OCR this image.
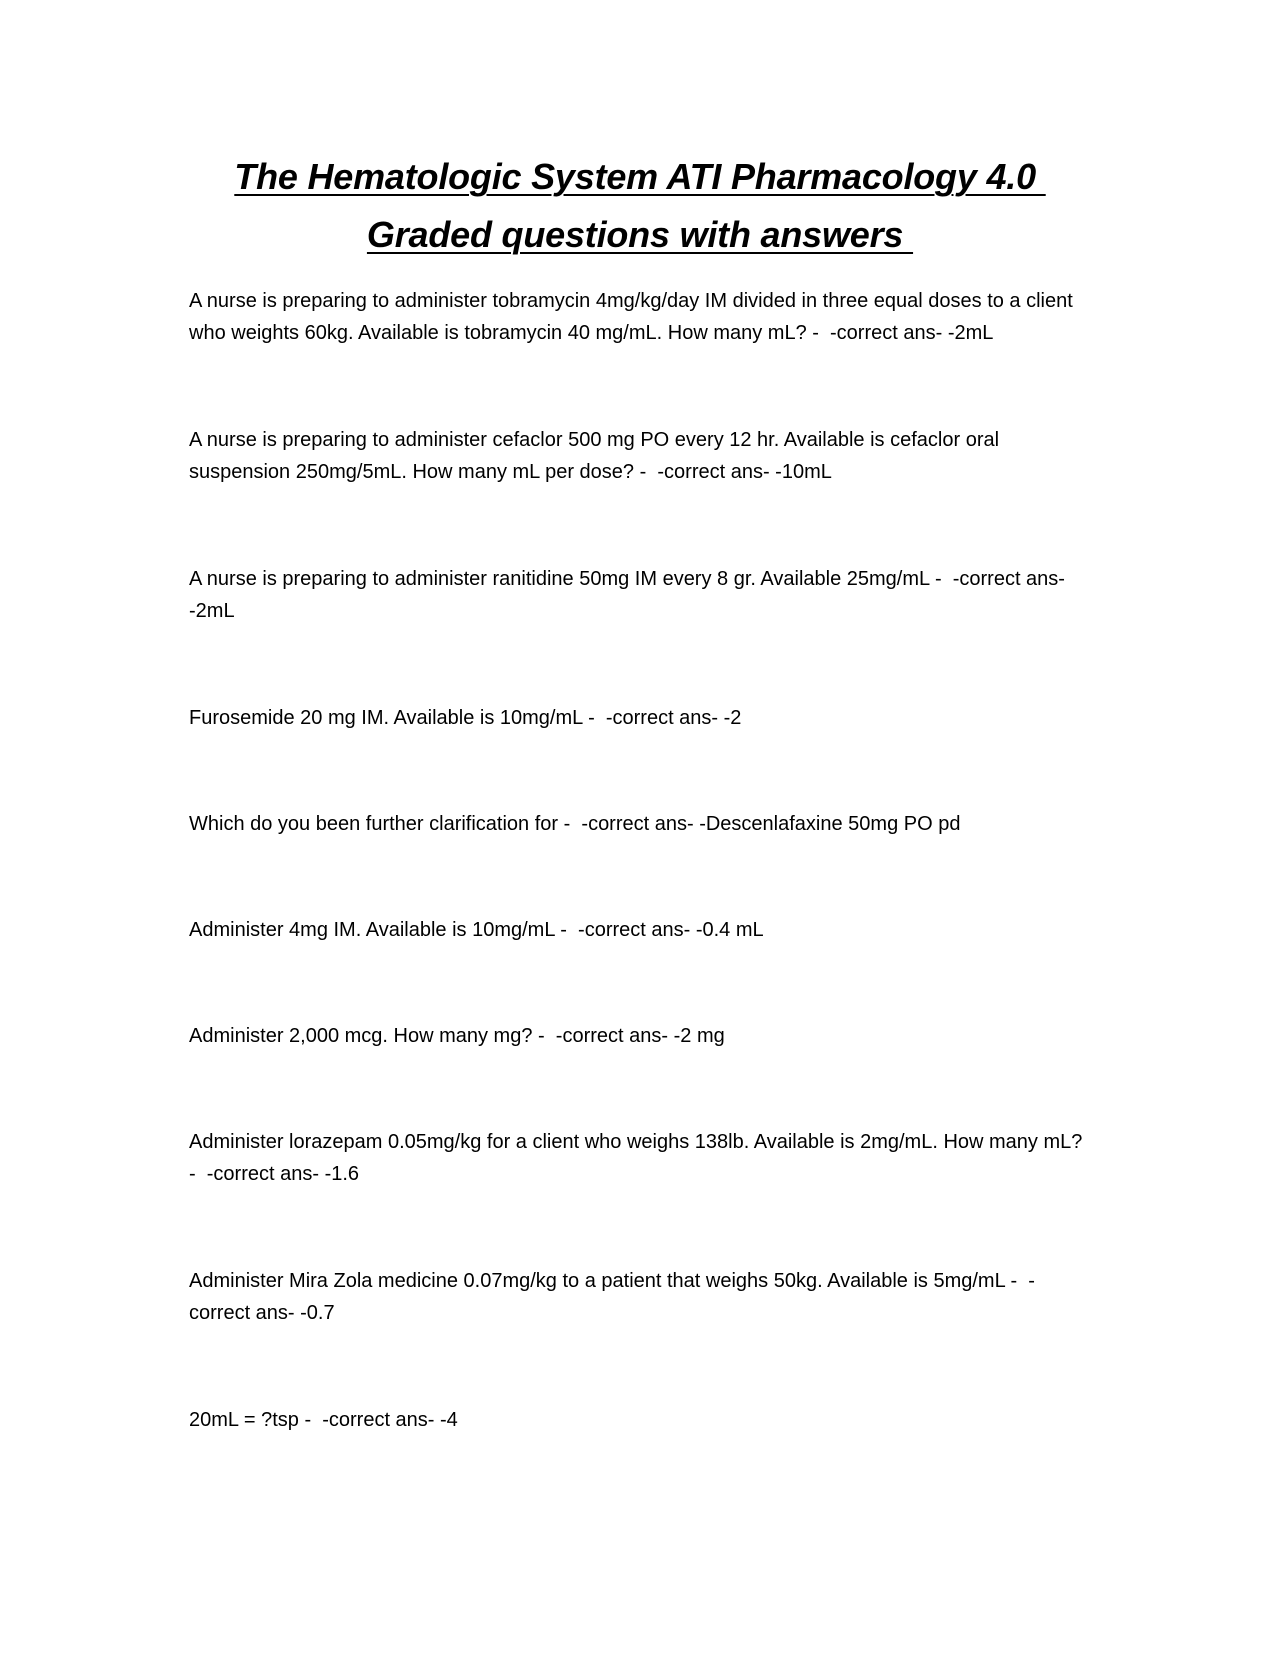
The Hematologic System ATI Pharmacology 4.0
Graded questions with answers
A nurse is preparing to administer tobramycin 4mg/kg/day IM divided in three equal doses to a client who weights 60kg. Available is tobramycin 40 mg/mL. How many mL? -  -correct ans- -2mL
A nurse is preparing to administer cefaclor 500 mg PO every 12 hr. Available is cefaclor oral suspension 250mg/5mL. How many mL per dose? -  -correct ans- -10mL
A nurse is preparing to administer ranitidine 50mg IM every 8 gr. Available 25mg/mL -  -correct ans- -2mL
Furosemide 20 mg IM. Available is 10mg/mL -  -correct ans- -2
Which do you been further clarification for -  -correct ans- -Descenlafaxine 50mg PO pd
Administer 4mg IM. Available is 10mg/mL -  -correct ans- -0.4 mL
Administer 2,000 mcg. How many mg? -  -correct ans- -2 mg
Administer lorazepam 0.05mg/kg for a client who weighs 138lb. Available is 2mg/mL. How many mL? -  -correct ans- -1.6
Administer Mira Zola medicine 0.07mg/kg to a patient that weighs 50kg. Available is 5mg/mL -  -correct ans- -0.7
20mL = ?tsp -  -correct ans- -4
